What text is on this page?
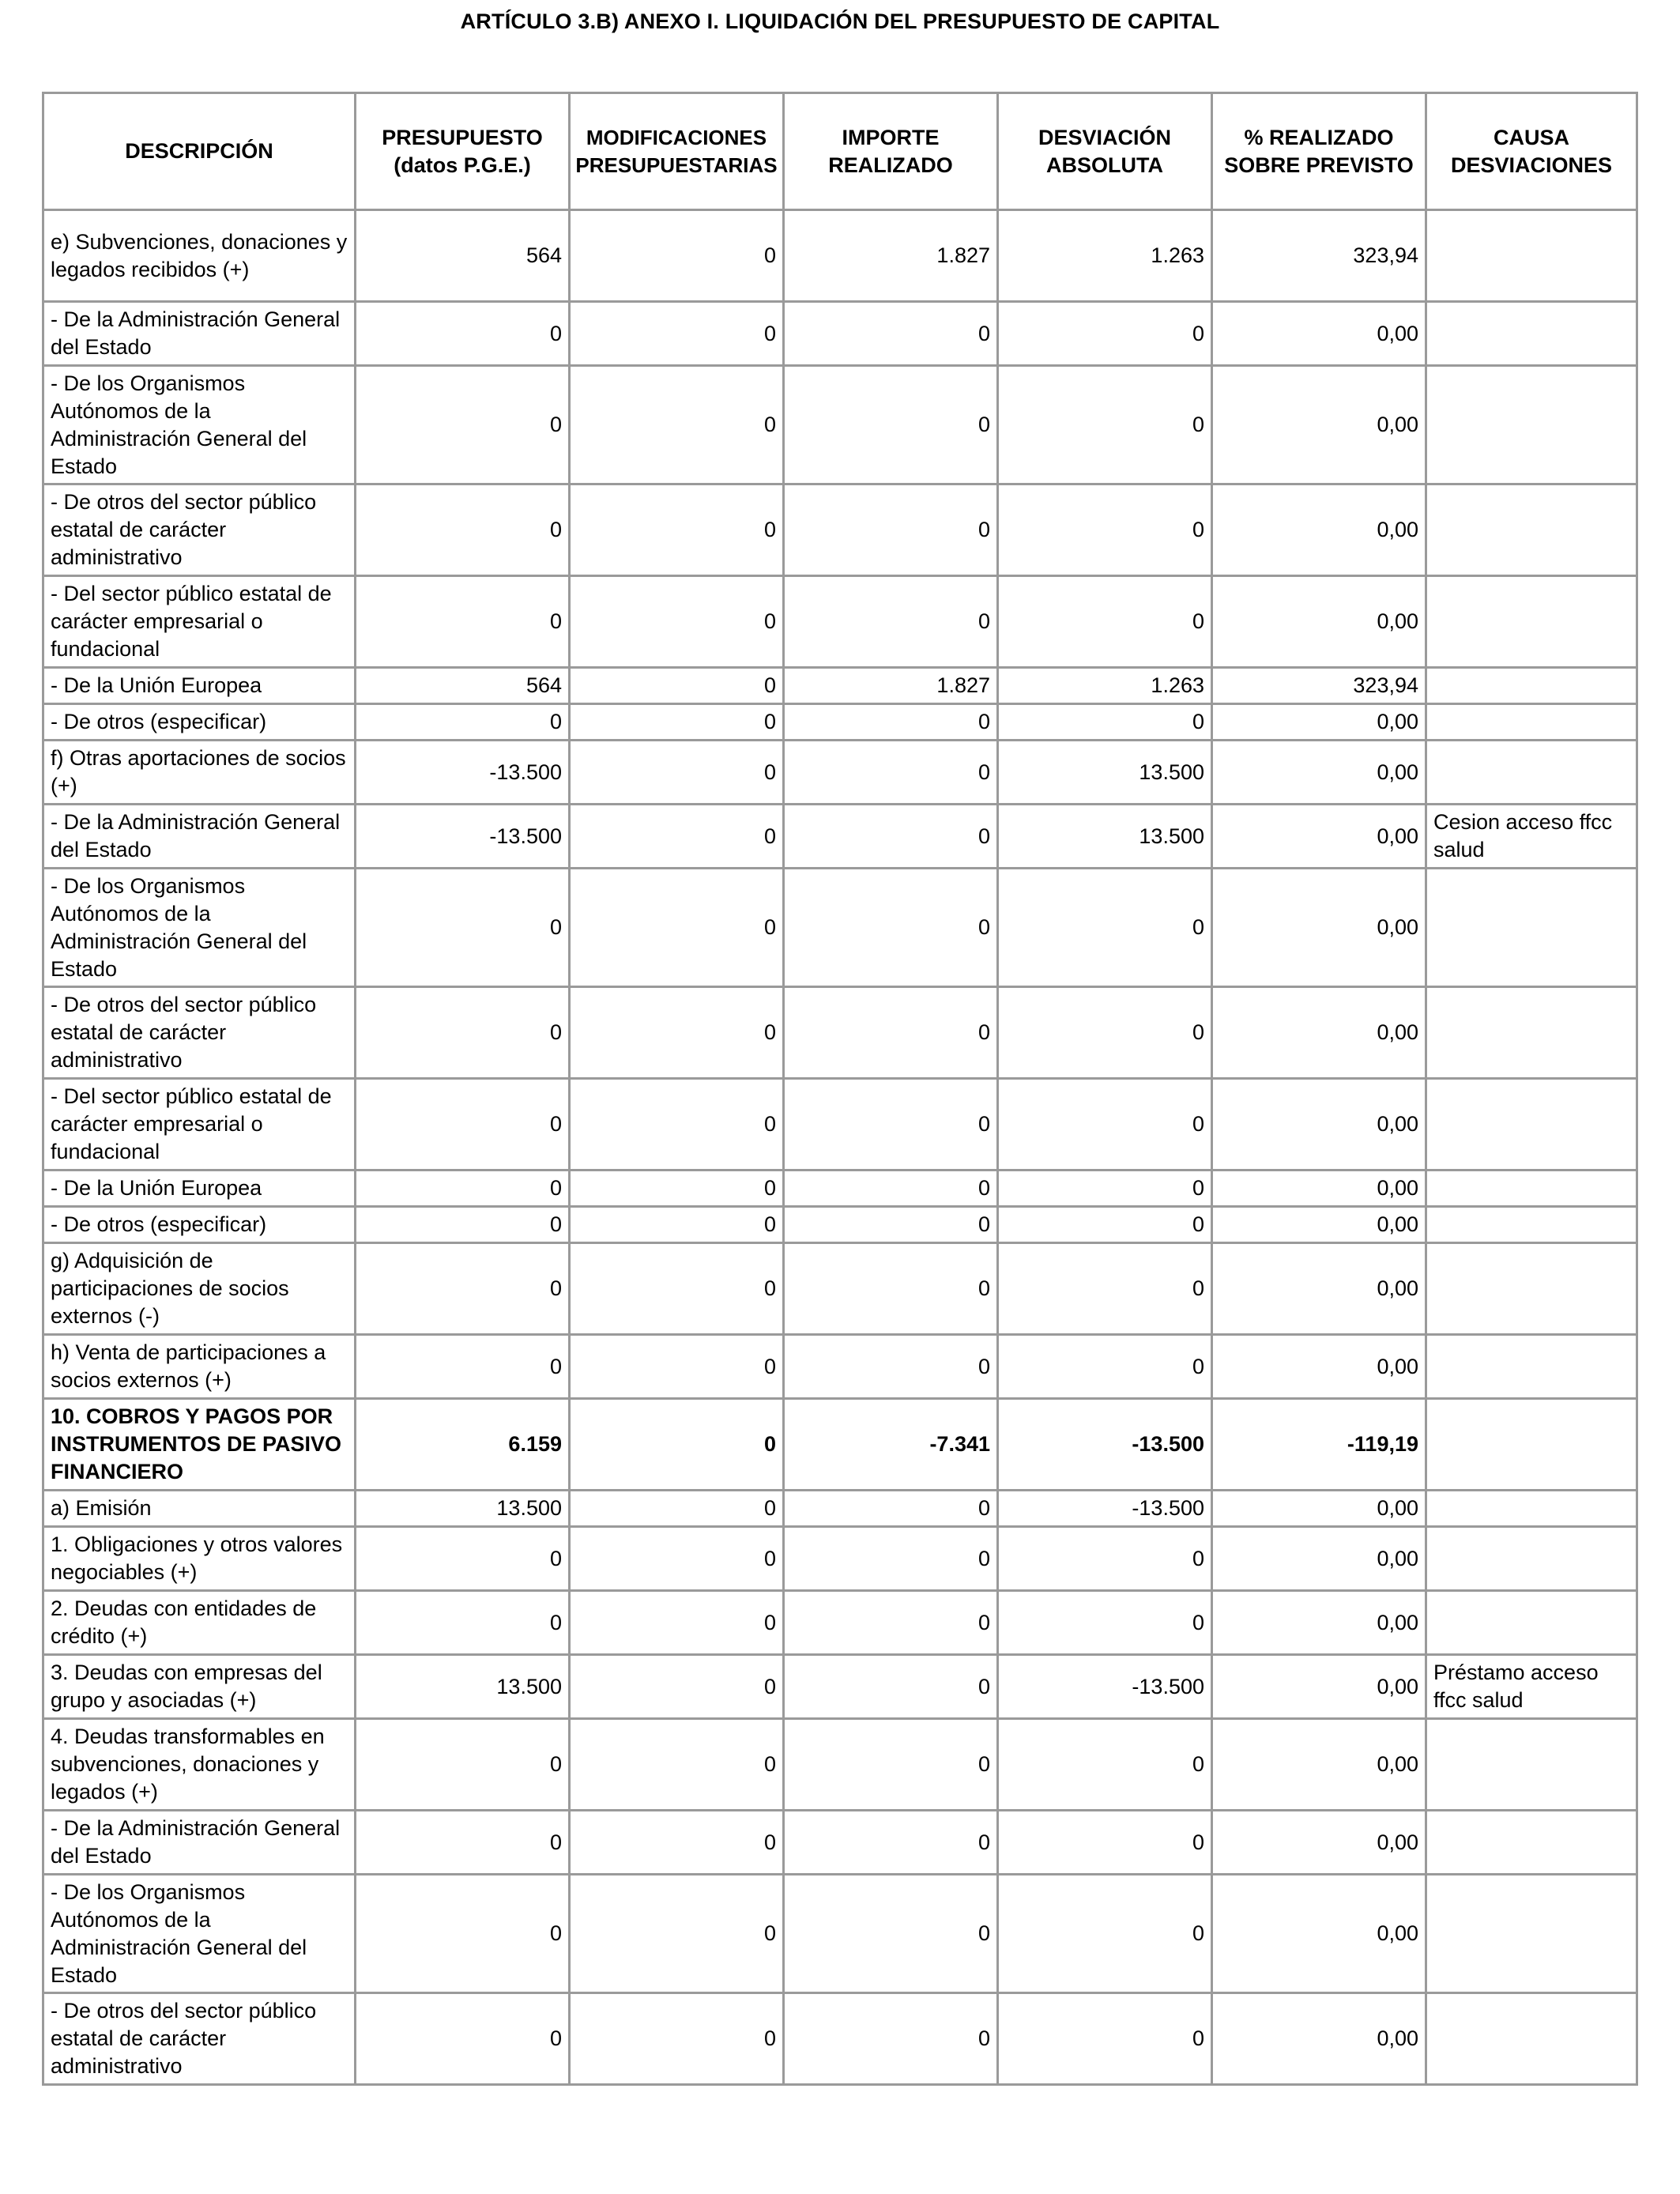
ARTÍCULO 3.B) ANEXO I. LIQUIDACIÓN DEL PRESUPUESTO DE CAPITAL
DESCRIPCIÓN	PRESUPUESTO (datos P.G.E.)	MODIFICACIONES PRESUPUESTARIAS	IMPORTE REALIZADO	DESVIACIÓN ABSOLUTA	% REALIZADO SOBRE PREVISTO	CAUSA DESVIACIONES
e) Subvenciones, donaciones y legados recibidos (+)	564	0	1.827	1.263	323,94	
- De la Administración General del Estado	0	0	0	0	0,00	
- De los Organismos Autónomos de la Administración General del Estado	0	0	0	0	0,00	
- De otros del sector público estatal de carácter administrativo	0	0	0	0	0,00	
- Del sector público estatal de carácter empresarial o fundacional	0	0	0	0	0,00	
- De la Unión Europea	564	0	1.827	1.263	323,94	
- De otros (especificar)	0	0	0	0	0,00	
f) Otras aportaciones de socios (+)	-13.500	0	0	13.500	0,00	
- De la Administración General del Estado	-13.500	0	0	13.500	0,00	Cesion acceso ffcc salud
- De los Organismos Autónomos de la Administración General del Estado	0	0	0	0	0,00	
- De otros del sector público estatal de carácter administrativo	0	0	0	0	0,00	
- Del sector público estatal de carácter empresarial o fundacional	0	0	0	0	0,00	
- De la Unión Europea	0	0	0	0	0,00	
- De otros (especificar)	0	0	0	0	0,00	
g) Adquisición de participaciones de socios externos (-)	0	0	0	0	0,00	
h) Venta de participaciones a socios externos (+)	0	0	0	0	0,00	
10. COBROS Y PAGOS POR INSTRUMENTOS DE PASIVO FINANCIERO	6.159	0	-7.341	-13.500	-119,19	
a) Emisión	13.500	0	0	-13.500	0,00	
1. Obligaciones y otros valores negociables (+)	0	0	0	0	0,00	
2. Deudas con entidades de crédito (+)	0	0	0	0	0,00	
3. Deudas con empresas del grupo y asociadas (+)	13.500	0	0	-13.500	0,00	Préstamo acceso ffcc salud
4. Deudas transformables en subvenciones, donaciones y legados (+)	0	0	0	0	0,00	
- De la Administración General del Estado	0	0	0	0	0,00	
- De los Organismos Autónomos de la Administración General del Estado	0	0	0	0	0,00	
- De otros del sector público estatal de carácter administrativo	0	0	0	0	0,00	
